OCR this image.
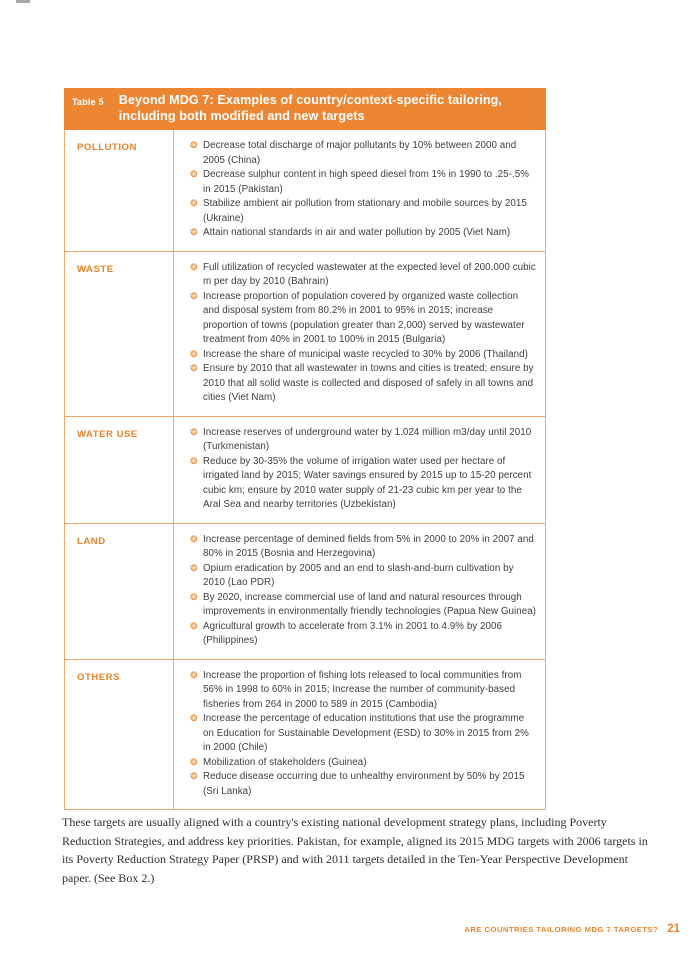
Table 5 Beyond MDG 7: Examples of country/context-specific tailoring,
including both modified and new targets
POLLUTION	❂ Decrease total discharge of major pollutants by 10% between 2000 and 2005 (China)
❂ Decrease sulphur content in high speed diesel from 1% in 1990 to .25-.5% in 2015 (Pakistan)
❂ Stabilize ambient air pollution from stationary and mobile sources by 2015 (Ukraine)
❂ Attain national standards in air and water pollution by 2005 (Viet Nam)
WASTE	❂ Full utilization of recycled wastewater at the expected level of 200,000 cubic m per day by 2010 (Bahrain)
❂ Increase proportion of population covered by organized waste collection and disposal system from 80.2% in 2001 to 95% in 2015; increase proportion of towns (population greater than 2,000) served by wastewater treatment from 40% in 2001 to 100% in 2015 (Bulgaria)
❂ Increase the share of municipal waste recycled to 30% by 2006 (Thailand)
❂ Ensure by 2010 that all wastewater in towns and cities is treated; ensure by 2010 that all solid waste is collected and disposed of safely in all towns and cities (Viet Nam)
WATER USE	❂ Increase reserves of underground water by 1.024 million m3/day until 2010 (Turkmenistan)
❂ Reduce by 30-35% the volume of irrigation water used per hectare of irrigated land by 2015; Water savings ensured by 2015 up to 15-20 percent cubic km; ensure by 2010 water supply of 21-23 cubic km per year to the Aral Sea and nearby territories (Uzbekistan)
LAND	❂ Increase percentage of demined fields from 5% in 2000 to 20% in 2007 and 80% in 2015 (Bosnia and Herzegovina)
❂ Opium eradication by 2005 and an end to slash-and-burn cultivation by 2010 (Lao PDR)
❂ By 2020, increase commercial use of land and natural resources through improvements in environmentally friendly technologies (Papua New Guinea)
❂ Agricultural growth to accelerate from 3.1% in 2001 to 4.9% by 2006 (Philippines)
OTHERS	❂ Increase the proportion of fishing lots released to local communities from 56% in 1998 to 60% in 2015; Increase the number of community-based fisheries from 264 in 2000 to 589 in 2015 (Cambodia)
❂ Increase the percentage of education institutions that use the programme on Education for Sustainable Development (ESD) to 30% in 2015 from 2% in 2000 (Chile)
❂ Mobilization of stakeholders (Guinea)
❂ Reduce disease occurring due to unhealthy environment by 50% by 2015 (Sri Lanka)

These targets are usually aligned with a country's existing national development strategy plans, including Poverty Reduction Strategies, and address key priorities. Pakistan, for example, aligned its 2015 MDG targets with 2006 targets in its Poverty Reduction Strategy Paper (PRSP) and with 2011 targets detailed in the Ten-Year Perspective Development paper. (See Box 2.)

ARE COUNTRIES TAILORING MDG 7 TARGETS? 21
